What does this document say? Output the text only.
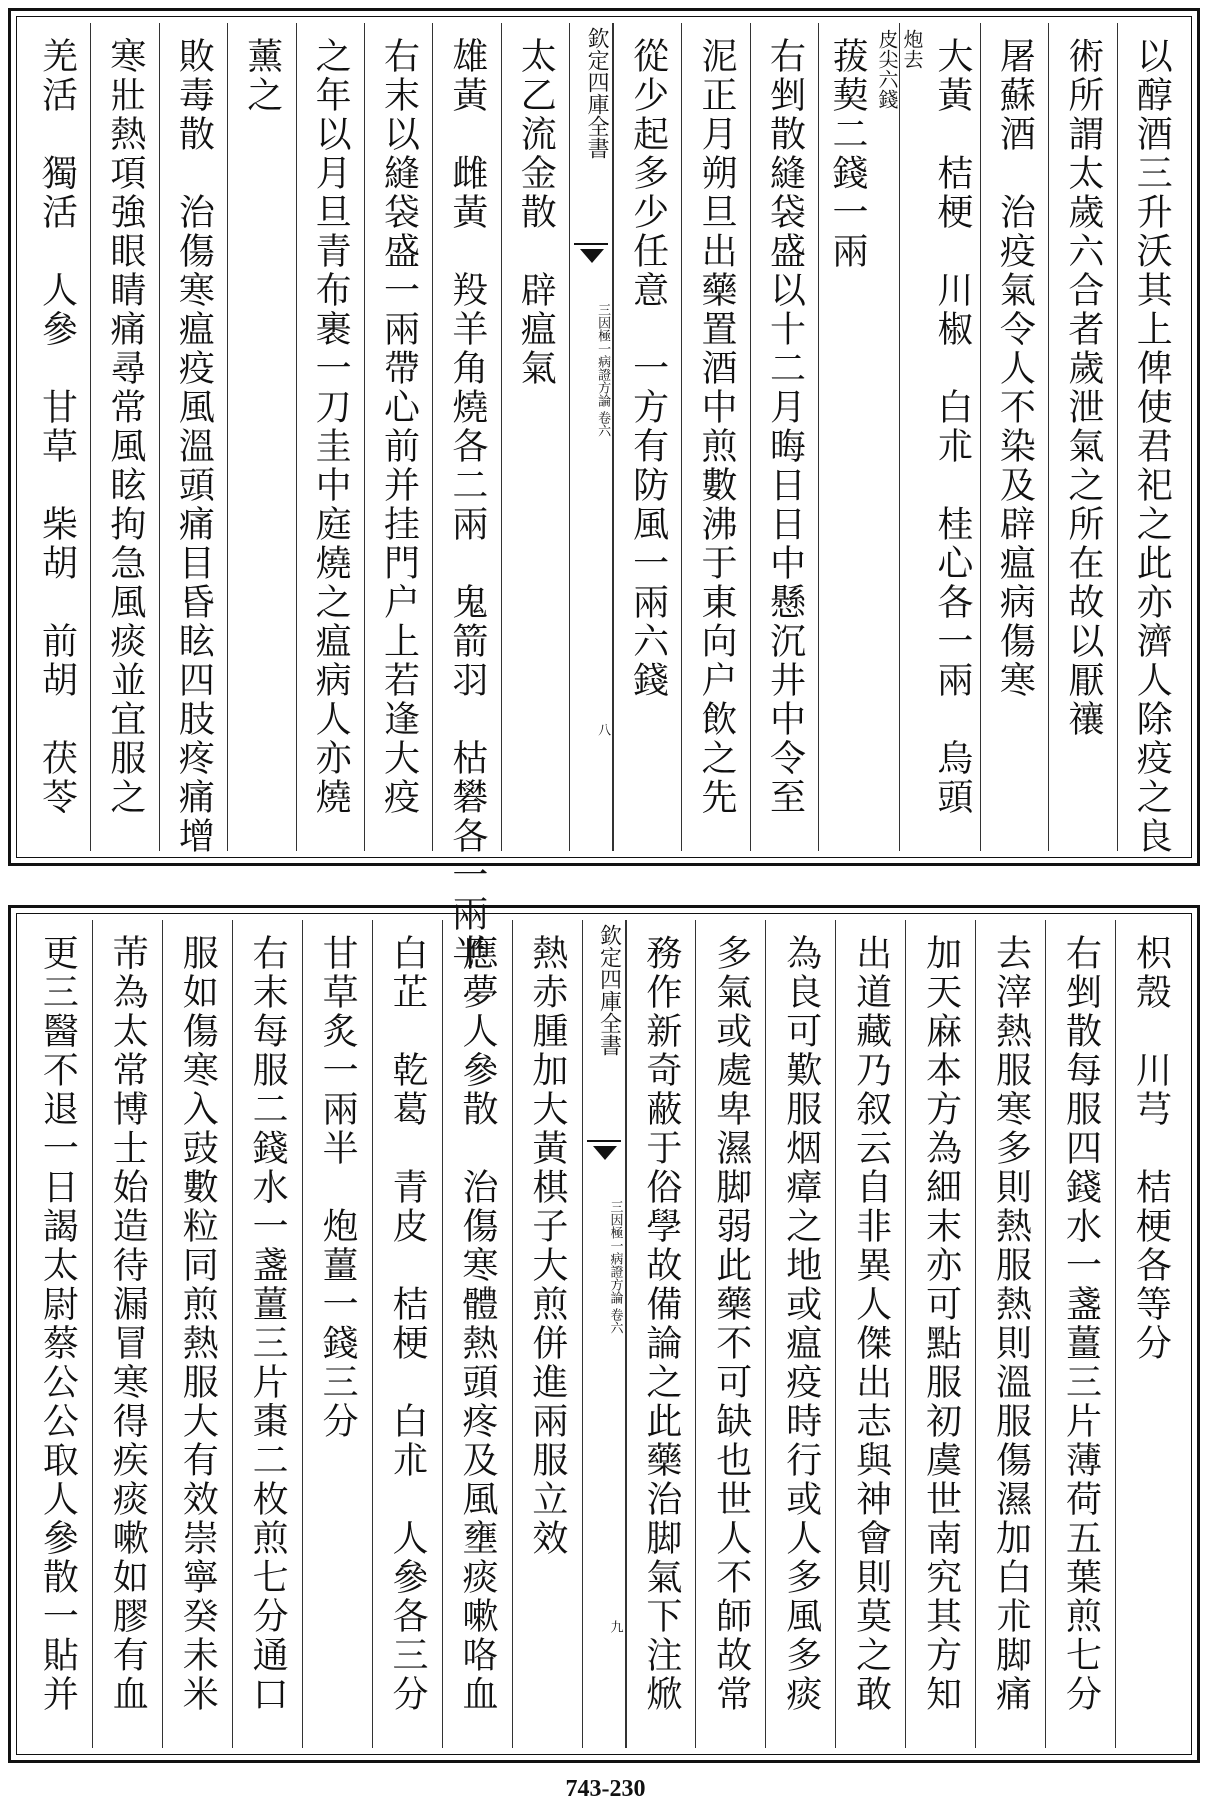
以醇酒三升沃其上俾使君祀之此亦濟人除疫之良
術所謂太歲六合者歲泄氣之所在故以厭禳
屠蘇酒　治疫氣令人不染及辟瘟病傷寒
大黃　桔梗　川椒　白朮　桂心各一兩　烏頭
炮去
皮尖六錢
菝葜二錢一兩
右剉散縫袋盛以十二月晦日日中懸沉井中令至
泥正月朔旦出藥置酒中煎數沸于東向户飲之先
從少起多少任意　一方有防風一兩六錢
欽定四庫全書
三因極一病證方論 卷六
八
太乙流金散　辟瘟氣
雄黃　雌黃　羖羊角燒各二兩　鬼箭羽　枯礬各一兩半
右末以縫袋盛一兩帶心前并挂門户上若逢大疫
之年以月旦青布裹一刀圭中庭燒之瘟病人亦燒
薰之
敗毒散　治傷寒瘟疫風溫頭痛目昏眩四肢疼痛增
寒壯熱項強眼睛痛尋常風眩拘急風痰並宜服之
羌活　獨活　人參　甘草　柴胡　前胡　茯苓
枳殼　川芎　桔梗各等分
右剉散每服四錢水一盞薑三片薄荷五葉煎七分
去滓熱服寒多則熱服熱則溫服傷濕加白朮脚痛
加天麻本方為細末亦可點服初虞世南究其方知
出道藏乃叙云自非異人傑出志與神會則莫之敢
為良可歎服烟瘴之地或瘟疫時行或人多風多痰
多氣或處卑濕脚弱此藥不可缺也世人不師故常
務作新奇蔽于俗學故備論之此藥治脚氣下注焮
欽定四庫全書
三因極一病證方論 卷六
九
熱赤腫加大黃棋子大煎併進兩服立效
應夢人參散　治傷寒體熱頭疼及風壅痰嗽咯血
白芷　乾葛　青皮　桔梗　白朮　人參各三分
甘草炙一兩半　炮薑一錢三分
右末每服二錢水一盞薑三片棗二枚煎七分通口
服如傷寒入豉數粒同煎熱服大有效崇寧癸未米
芾為太常博士始造待漏冒寒得疾痰嗽如膠有血
更三醫不退一日謁太尉蔡公公取人參散一貼并
743-230
